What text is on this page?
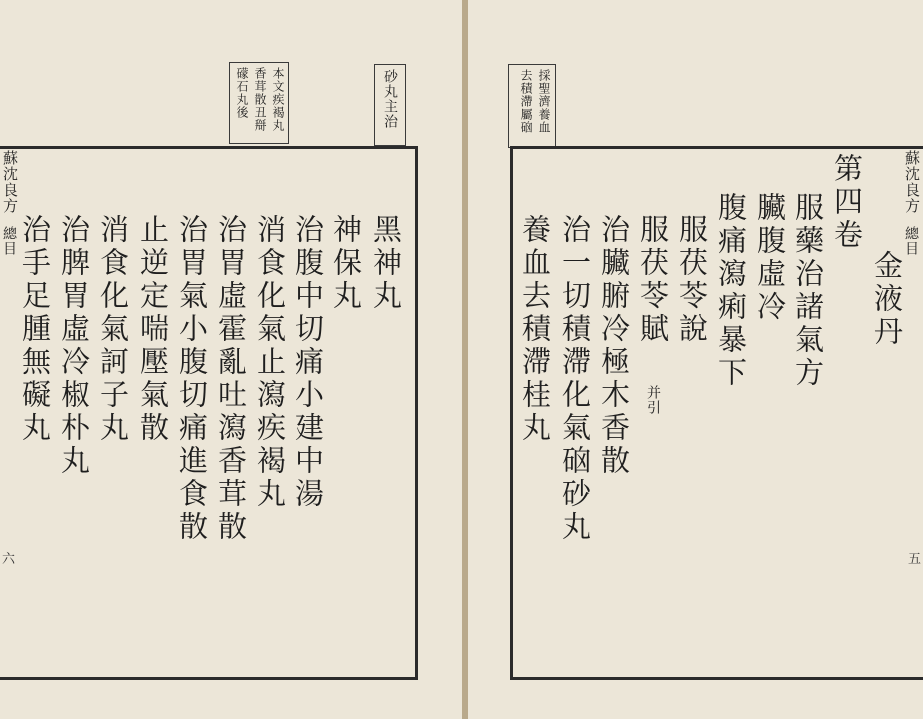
本文疾褐丸
香茸散丑搿
礞石丸後	砂丸主治
蘇沈良方
總目
六
黑神丸
神保丸
消食化氣止瀉疾褐丸 治腹中切痛小建中湯
治胃虛霍亂吐瀉香茸散
治胃氣小腹切痛進食散
止逆定喘壓氣散
消食化氣訶子丸
治脾胃虛冷椒朴丸
治手足腫無礙丸
採聖濟養血
去積滯屬硇
蘇沈良方
總目
五
金液丹
第四卷
服藥治諸氣方
臟腹虛冷
腹痛瀉痢暴下
服茯苓說
服茯苓賦
并引
治臟腑冷極木香散
治一切積滯化氣硇砂丸
養血去積滯桂丸
